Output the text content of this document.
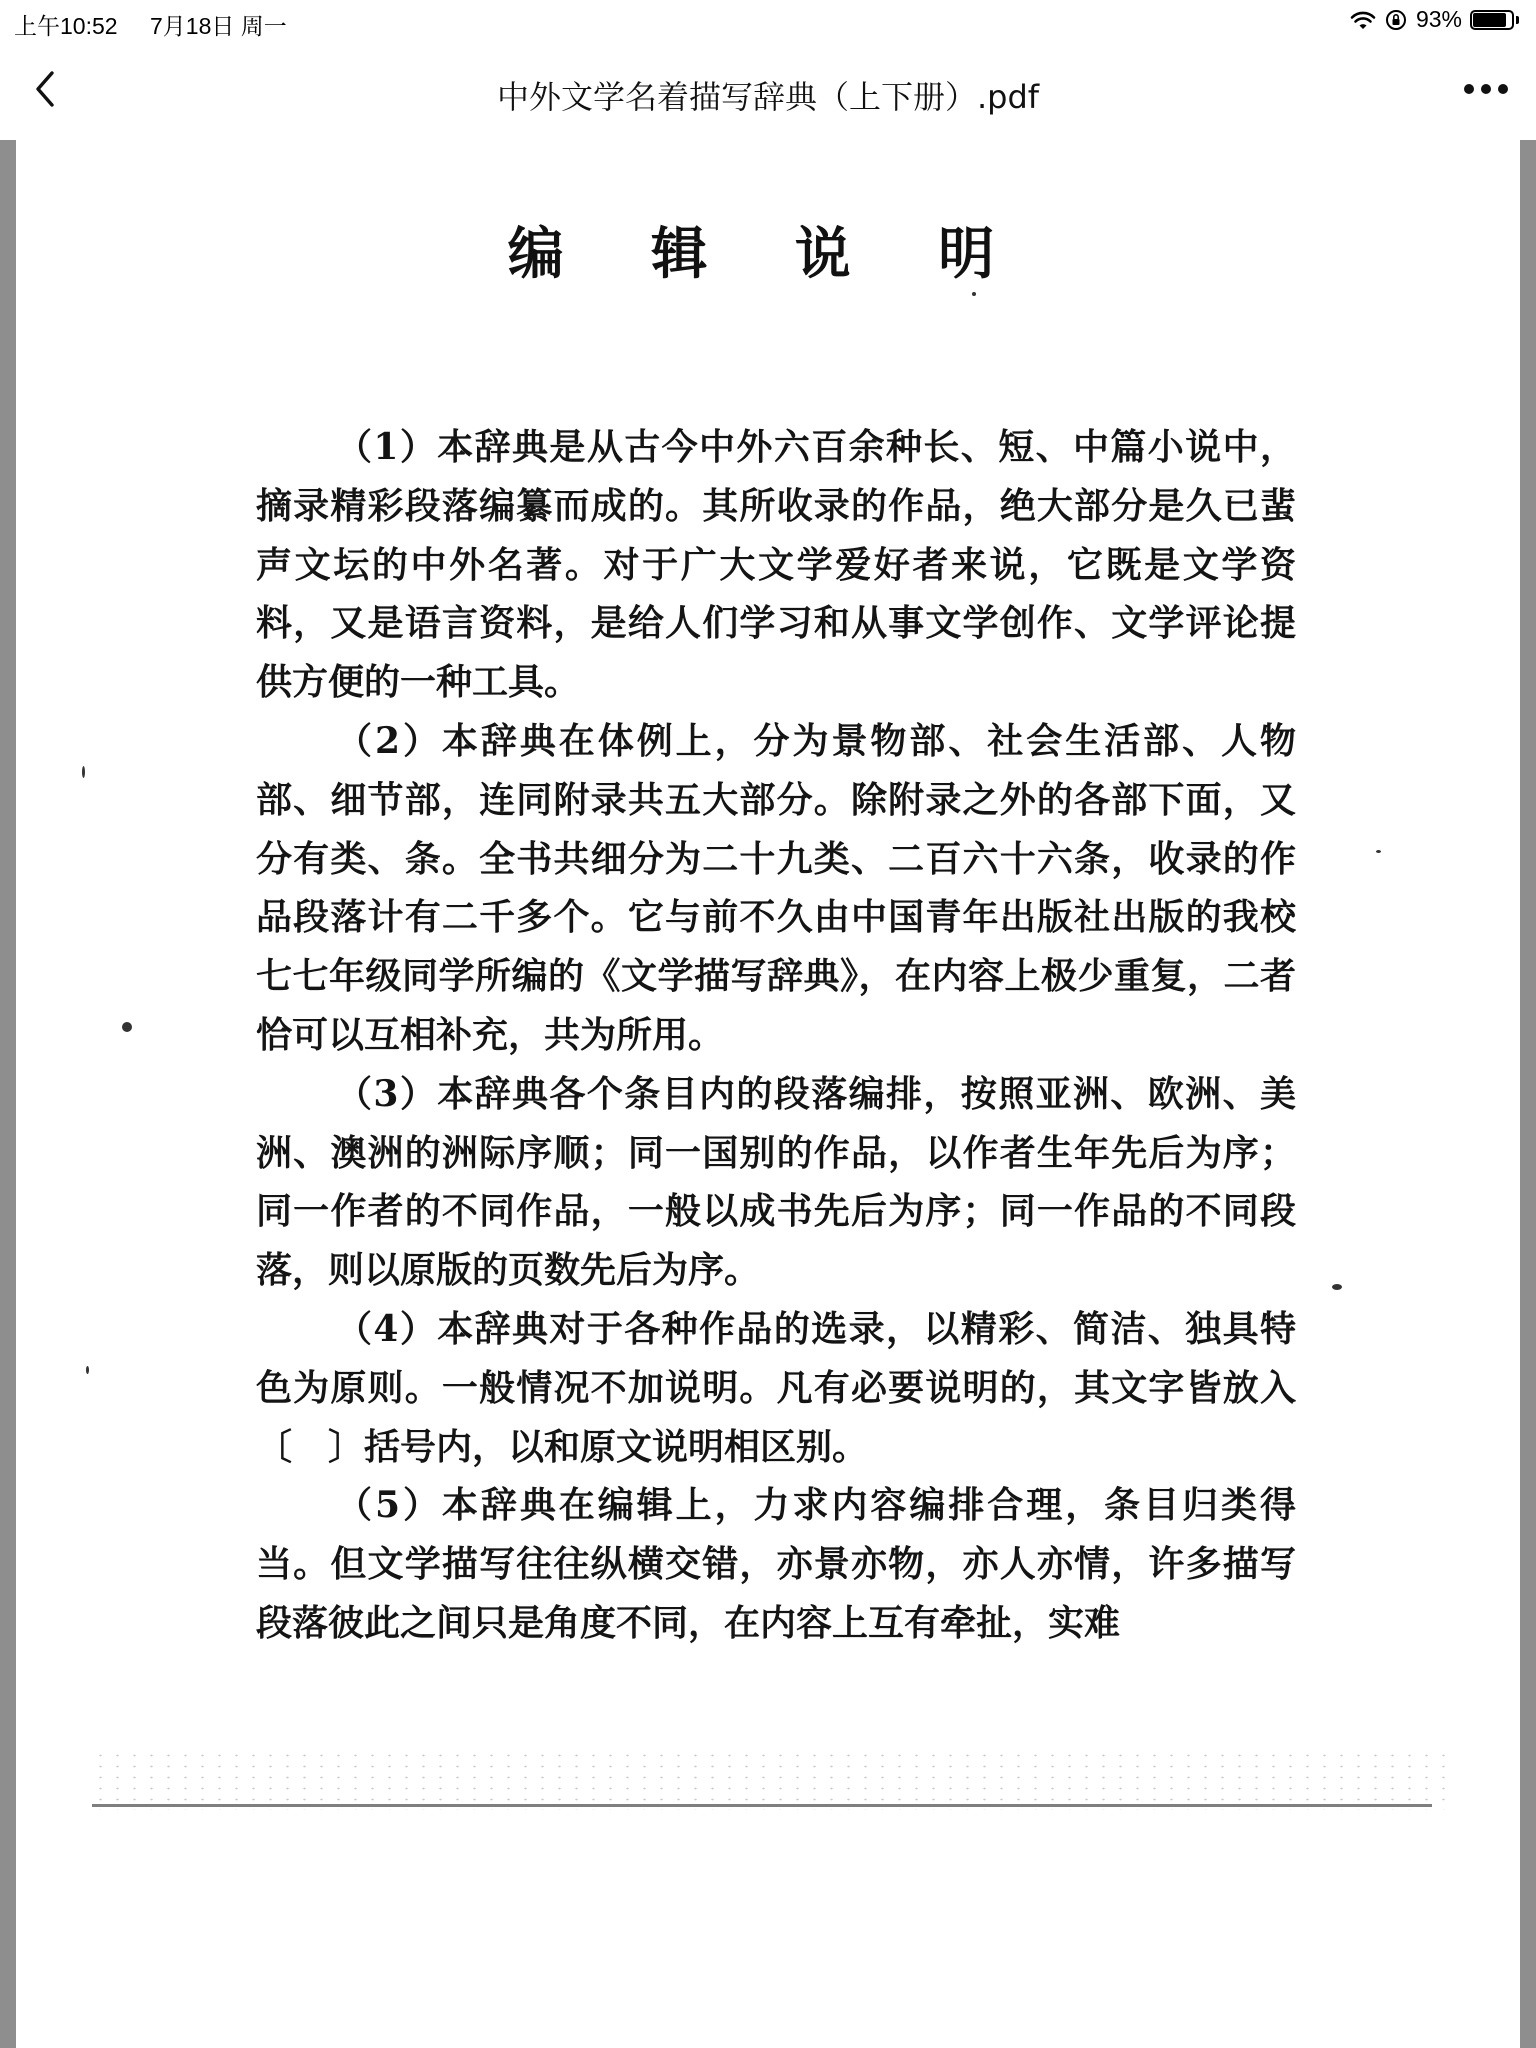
上午10:52 7月18日 周一	93%
中外文学名着描写辞典（上下册）.pdf
编 辑 说 明

（1）本辞典是从古今中外六百余种长、短、中篇小说中，摘录精彩段落编纂而成的。其所收录的作品，绝大部分是久已蜚声文坛的中外名著。对于广大文学爱好者来说，它既是文学资料，又是语言资料，是给人们学习和从事文学创作、文学评论提供方便的一种工具。

（2）本辞典在体例上，分为景物部、社会生活部、人物部、细节部，连同附录共五大部分。除附录之外的各部下面，又分有类、条。全书共细分为二十九类、二百六十六条，收录的作品段落计有二千多个。它与前不久由中国青年出版社出版的我校七七年级同学所编的《文学描写辞典》，在内容上极少重复，二者恰可以互相补充，共为所用。

（3）本辞典各个条目内的段落编排，按照亚洲、欧洲、美洲、澳洲的洲际序顺；同一国别的作品，以作者生年先后为序；同一作者的不同作品，一般以成书先后为序；同一作品的不同段落，则以原版的页数先后为序。

（4）本辞典对于各种作品的选录，以精彩、简洁、独具特色为原则。一般情况不加说明。凡有必要说明的，其文字皆放入〔　〕括号内，以和原文说明相区别。

（5）本辞典在编辑上，力求内容编排合理，条目归类得当。但文学描写往往纵横交错，亦景亦物，亦人亦情，许多描写段落彼此之间只是角度不同，在内容上互有牵扯，实难
